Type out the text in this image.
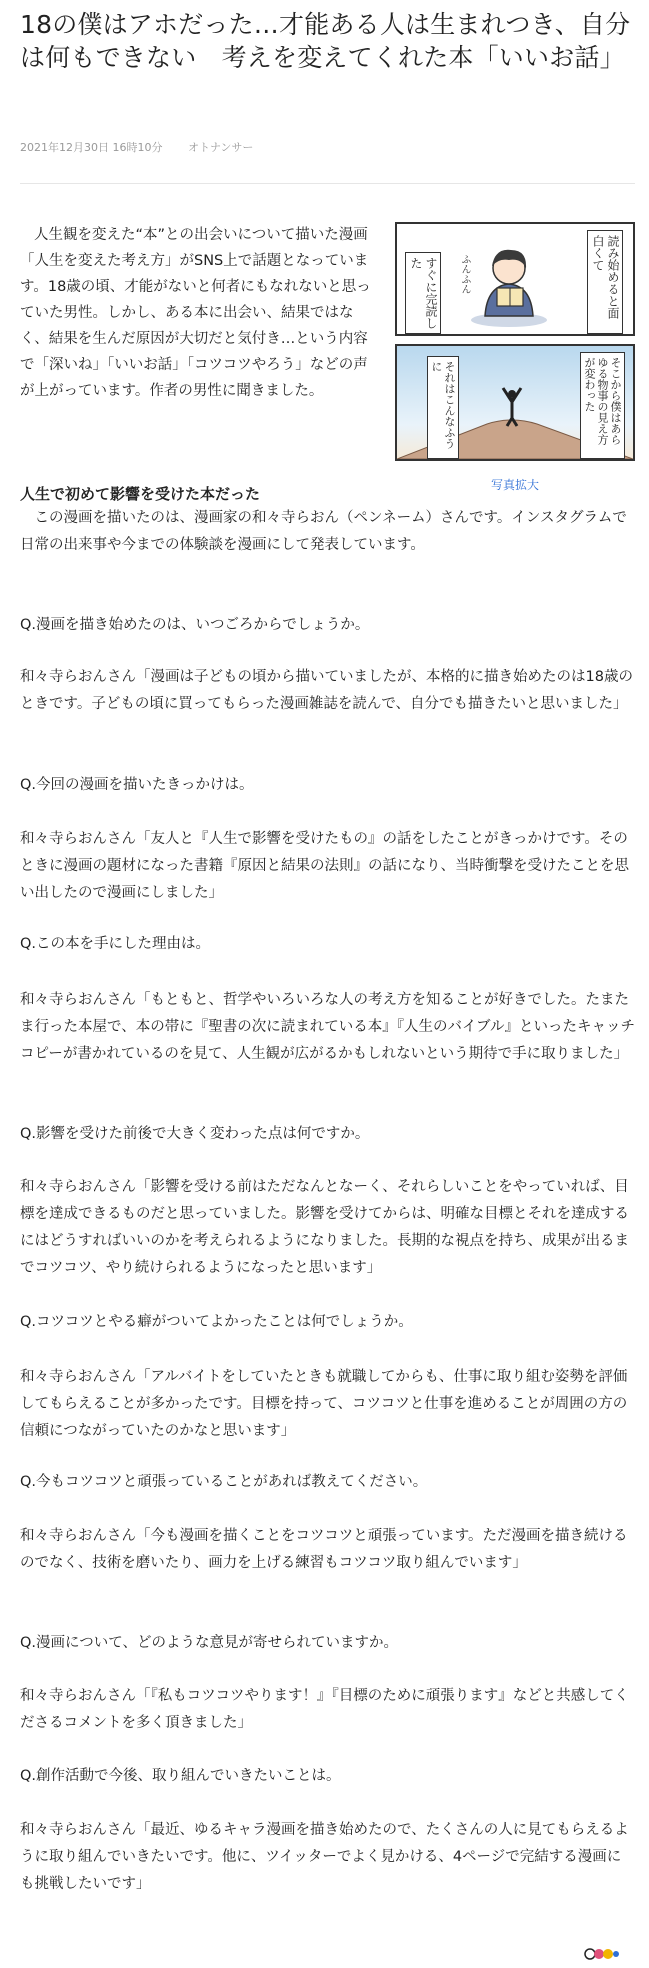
18の僕はアホだった…才能ある人は生まれつき、自分は何もできない　考えを変えてくれた本「いいお話」
2021年12月30日 16時10分 オトナンサー
読み始めると面白くて
すぐに完読した	ふんふん
そこから僕はあらゆる物事の見え方が変わった
それはこんなふうに
写真拡大

人生観を変えた“本”との出会いについて描いた漫画「人生を変えた考え方」がSNS上で話題となっています。18歳の頃、才能がないと何者にもなれないと思っていた男性。しかし、ある本に出会い、結果ではなく、結果を生んだ原因が大切だと気付き…という内容で「深いね」「いいお話」「コツコツやろう」などの声が上がっています。作者の男性に聞きました。

人生で初めて影響を受けた本だった

　この漫画を描いたのは、漫画家の和々寺らおん（ペンネーム）さんです。インスタグラムで日常の出来事や今までの体験談を漫画にして発表しています。

Q.漫画を描き始めたのは、いつごろからでしょうか。

和々寺らおんさん「漫画は子どもの頃から描いていましたが、本格的に描き始めたのは18歳のときです。子どもの頃に買ってもらった漫画雑誌を読んで、自分でも描きたいと思いました」

Q.今回の漫画を描いたきっかけは。

和々寺らおんさん「友人と『人生で影響を受けたもの』の話をしたことがきっかけです。そのときに漫画の題材になった書籍『原因と結果の法則』の話になり、当時衝撃を受けたことを思い出したので漫画にしました」

Q.この本を手にした理由は。

和々寺らおんさん「もともと、哲学やいろいろな人の考え方を知ることが好きでした。たまたま行った本屋で、本の帯に『聖書の次に読まれている本』『人生のバイブル』といったキャッチコピーが書かれているのを見て、人生観が広がるかもしれないという期待で手に取りました」

Q.影響を受けた前後で大きく変わった点は何ですか。

和々寺らおんさん「影響を受ける前はただなんとなーく、それらしいことをやっていれば、目標を達成できるものだと思っていました。影響を受けてからは、明確な目標とそれを達成するにはどうすればいいのかを考えられるようになりました。長期的な視点を持ち、成果が出るまでコツコツ、やり続けられるようになったと思います」

Q.コツコツとやる癖がついてよかったことは何でしょうか。

和々寺らおんさん「アルバイトをしていたときも就職してからも、仕事に取り組む姿勢を評価してもらえることが多かったです。目標を持って、コツコツと仕事を進めることが周囲の方の信頼につながっていたのかなと思います」

Q.今もコツコツと頑張っていることがあれば教えてください。

和々寺らおんさん「今も漫画を描くことをコツコツと頑張っています。ただ漫画を描き続けるのでなく、技術を磨いたり、画力を上げる練習もコツコツ取り組んでいます」

Q.漫画について、どのような意見が寄せられていますか。

和々寺らおんさん「『私もコツコツやります！』『目標のために頑張ります』などと共感してくださるコメントを多く頂きました」

Q.創作活動で今後、取り組んでいきたいことは。

和々寺らおんさん「最近、ゆるキャラ漫画を描き始めたので、たくさんの人に見てもらえるように取り組んでいきたいです。他に、ツイッターでよく見かける、4ページで完結する漫画にも挑戦したいです」
